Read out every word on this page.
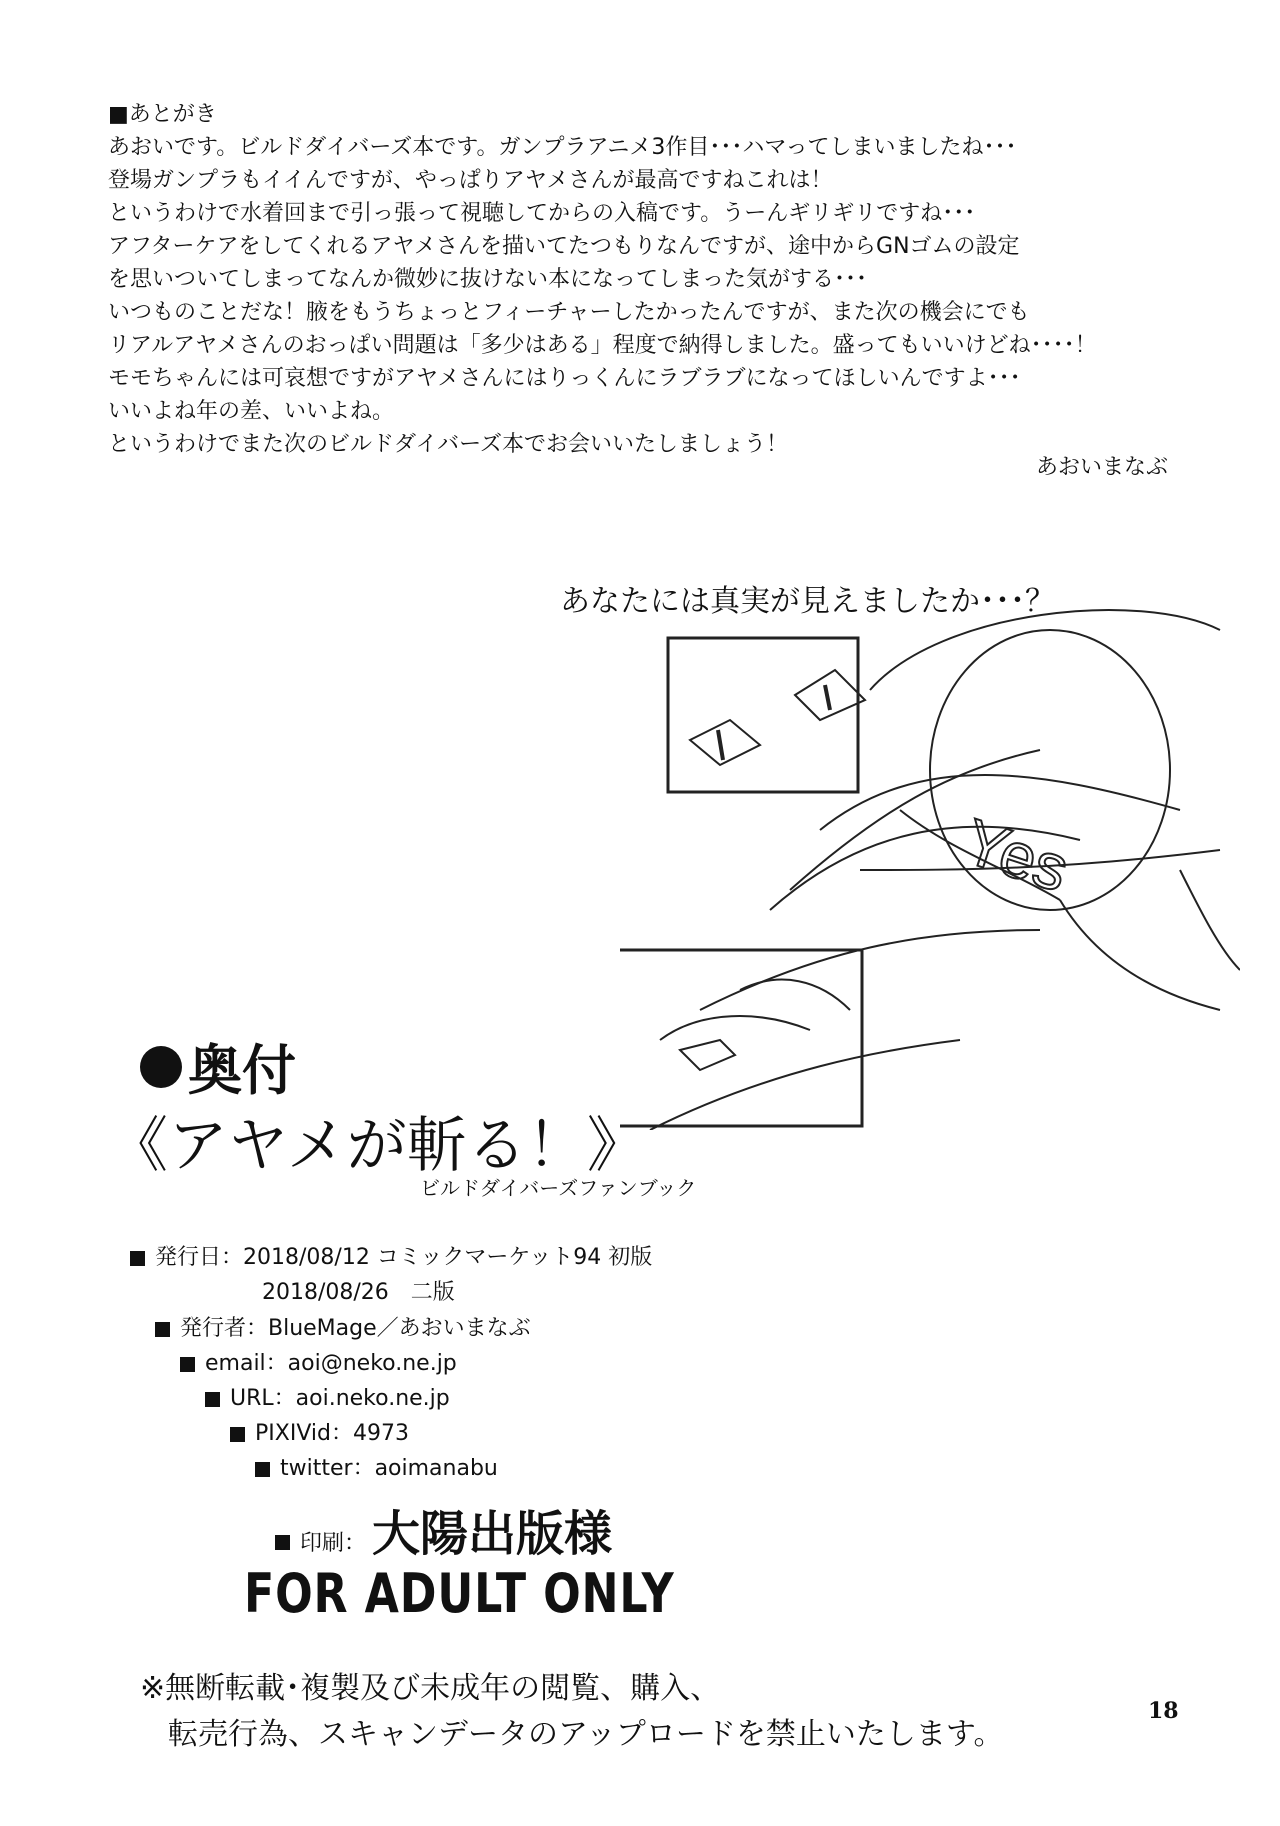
■あとがき
あおいです。ビルドダイバーズ本です。ガンプラアニメ3作目･･･ハマってしまいましたね･･･
登場ガンプラもイイんですが、やっぱりアヤメさんが最高ですねこれは！
というわけで水着回まで引っ張って視聴してからの入稿です。うーんギリギリですね･･･
アフターケアをしてくれるアヤメさんを描いてたつもりなんですが、途中からGNゴムの設定
を思いついてしまってなんか微妙に抜けない本になってしまった気がする･･･
いつものことだな！腋をもうちょっとフィーチャーしたかったんですが、また次の機会にでも
リアルアヤメさんのおっぱい問題は「多少はある」程度で納得しました。盛ってもいいけどね････！
モモちゃんには可哀想ですがアヤメさんにはりっくんにラブラブになってほしいんですよ･･･
いいよね年の差、いいよね。
というわけでまた次のビルドダイバーズ本でお会いいたしましょう！
あおいまなぶ
あなたには真実が見えましたか･･･？
Yes
奥付
《アヤメが斬る！》
ビルドダイバーズファンブック
発行日：2018/08/12 コミックマーケット94 初版
2018/08/26　二版
発行者：BlueMage／あおいまなぶ
email：aoi@neko.ne.jp
URL：aoi.neko.ne.jp
PIXIVid：4973
twitter：aoimanabu
印刷： 大陽出版様
FOR ADULT ONLY
※無断転載･複製及び未成年の閲覧、購入、
転売行為、スキャンデータのアップロードを禁止いたします。
18
